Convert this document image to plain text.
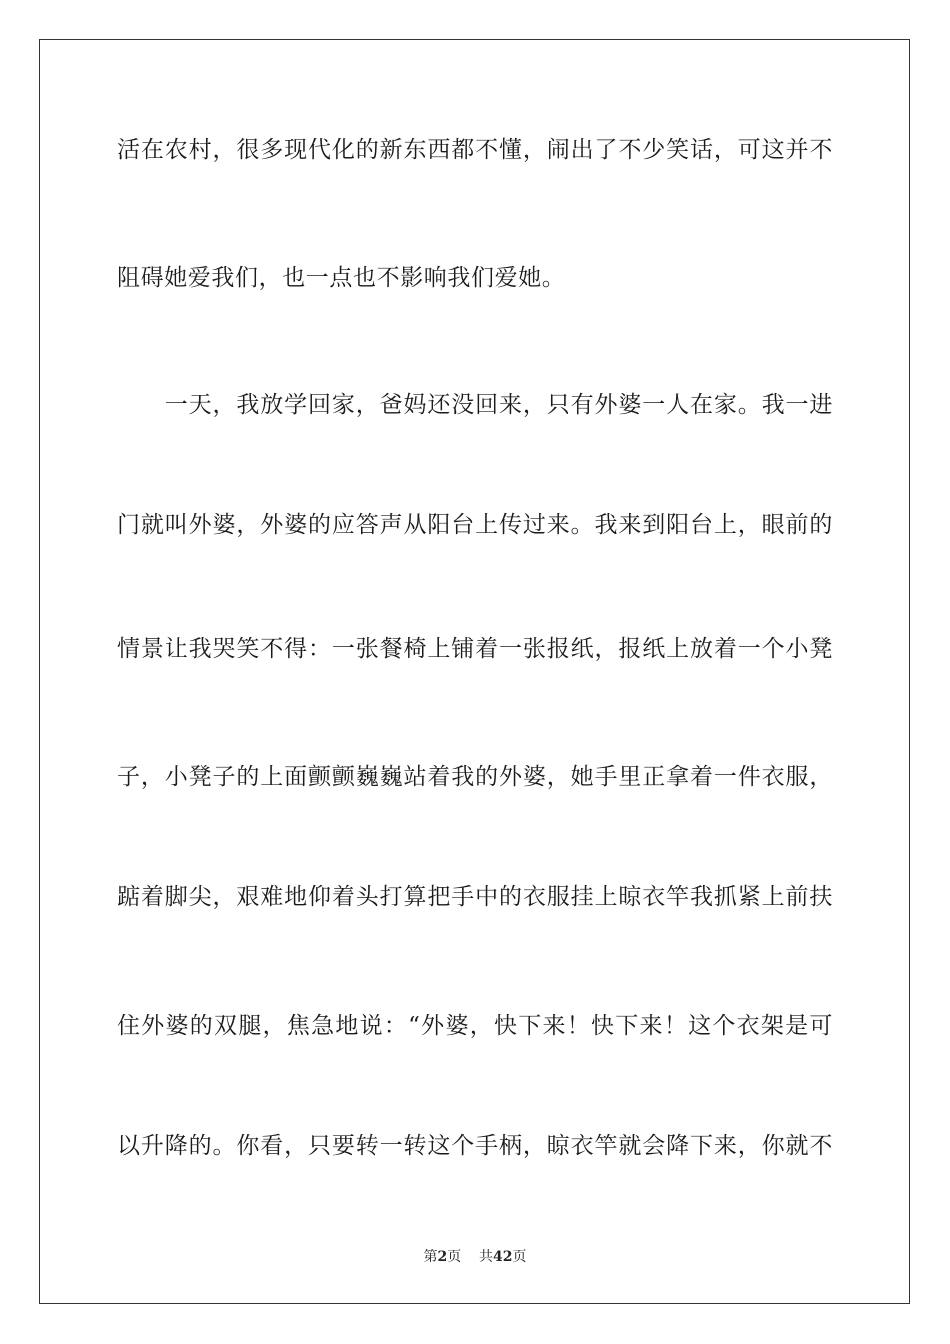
活在农村，很多现代化的新东西都不懂，闹出了不少笑话，可这并不
阻碍她爱我们，也一点也不影响我们爱她。
　　一天，我放学回家，爸妈还没回来，只有外婆一人在家。我一进
门就叫外婆，外婆的应答声从阳台上传过来。我来到阳台上，眼前的
情景让我哭笑不得：一张餐椅上铺着一张报纸，报纸上放着一个小凳
子，小凳子的上面颤颤巍巍站着我的外婆，她手里正拿着一件衣服，
踮着脚尖，艰难地仰着头打算把手中的衣服挂上晾衣竿我抓紧上前扶
住外婆的双腿，焦急地说：“外婆，快下来！快下来！这个衣架是可
以升降的。你看，只要转一转这个手柄，晾衣竿就会降下来，你就不
第2页 共42页
